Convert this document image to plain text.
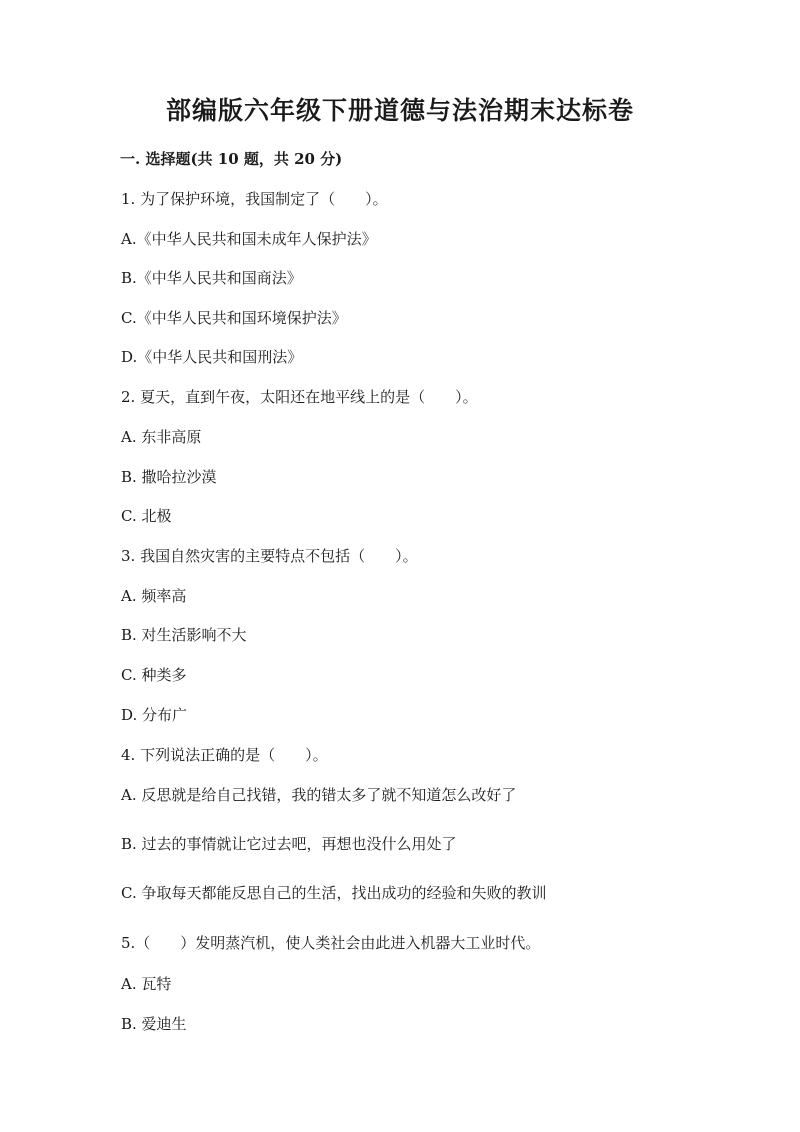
部编版六年级下册道德与法治期末达标卷
一. 选择题(共 10 题，共 20 分)
1. 为了保护环境，我国制定了（　　）。
A.《中华人民共和国未成年人保护法》
B.《中华人民共和国商法》
C.《中华人民共和国环境保护法》
D.《中华人民共和国刑法》
2. 夏天，直到午夜，太阳还在地平线上的是（　　）。
A. 东非高原
B. 撒哈拉沙漠
C. 北极
3. 我国自然灾害的主要特点不包括（　　）。
A. 频率高
B. 对生活影响不大
C. 种类多
D. 分布广
4. 下列说法正确的是（　　）。
A. 反思就是给自己找错，我的错太多了就不知道怎么改好了
B. 过去的事情就让它过去吧，再想也没什么用处了
C. 争取每天都能反思自己的生活，找出成功的经验和失败的教训
5.（　　）发明蒸汽机，使人类社会由此进入机器大工业时代。
A. 瓦特
B. 爱迪生
